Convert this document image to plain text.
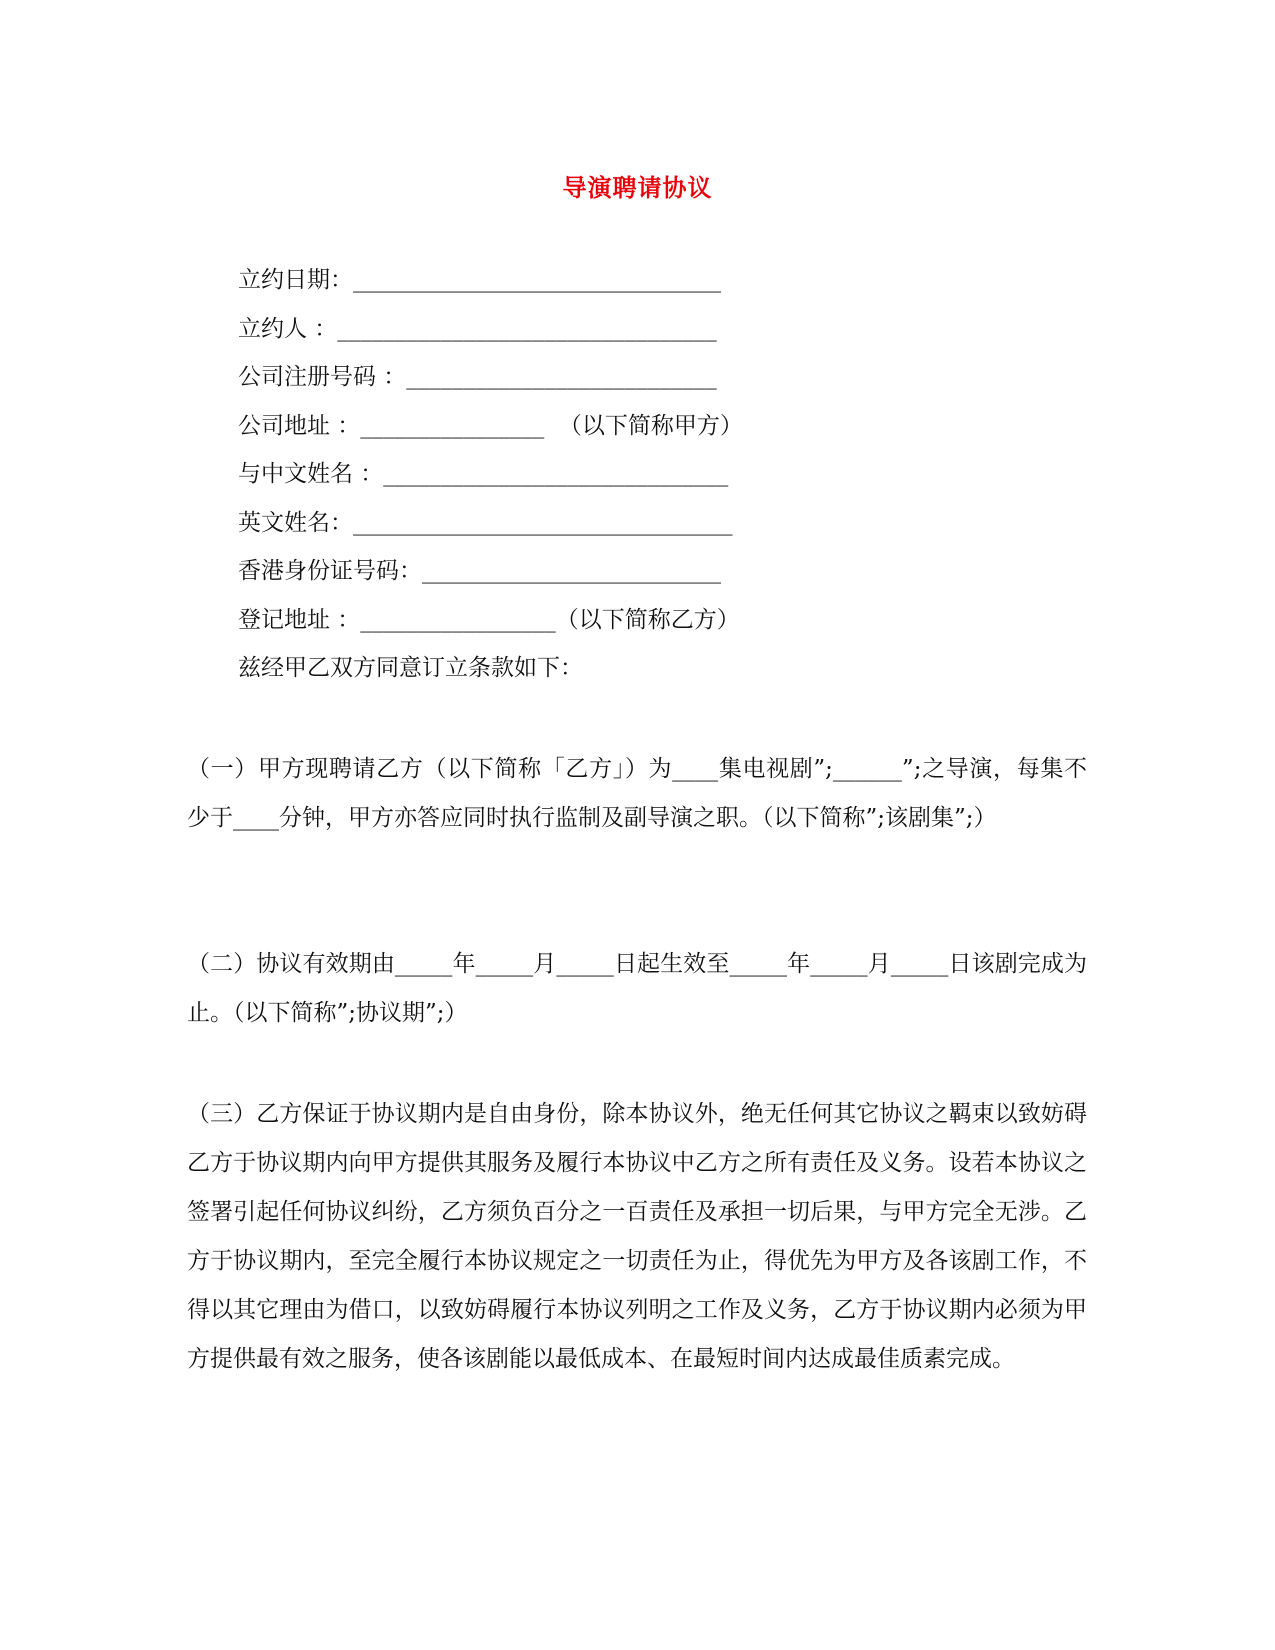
导演聘请协议
立约日期：________________________________
立约人 ：_________________________________
公司注册号码 ：___________________________
公司地址 ：________________  （以下简称甲方）
与中文姓名 ：______________________________
英文姓名：_________________________________
香港身份证号码：__________________________
登记地址 ：_________________（以下简称乙方）
兹经甲乙双方同意订立条款如下：
（一）甲方现聘请乙方（以下简称「乙方」）为____集电视剧”;______”;之导演，每集不少于____分钟，甲方亦答应同时执行监制及副导演之职。（以下简称”;该剧集”;）
（二）协议有效期由_____年_____月_____日起生效至_____年_____月_____日该剧完成为止。（以下简称”;协议期”;）
（三）乙方保证于协议期内是自由身份，除本协议外，绝无任何其它协议之羁束以致妨碍乙方于协议期内向甲方提供其服务及履行本协议中乙方之所有责任及义务。设若本协议之签署引起任何协议纠纷，乙方须负百分之一百责任及承担一切后果，与甲方完全无涉。乙方于协议期内，至完全履行本协议规定之一切责任为止，得优先为甲方及各该剧工作，不得以其它理由为借口，以致妨碍履行本协议列明之工作及义务，乙方于协议期内必须为甲方提供最有效之服务，使各该剧能以最低成本、在最短时间内达成最佳质素完成。
